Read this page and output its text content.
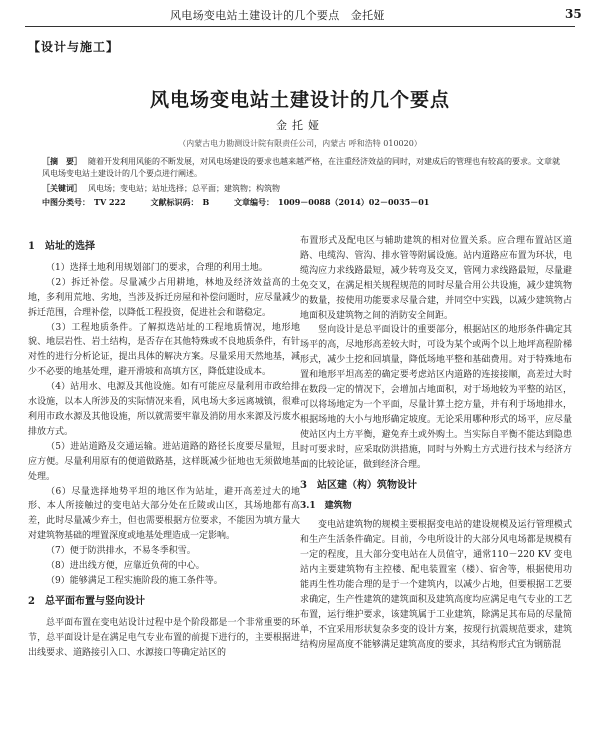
风电场变电站土建设计的几个要点　金托娅	35
【设计与施工】
风电场变电站土建设计的几个要点
金托娅
（内蒙古电力勘测设计院有限责任公司，内蒙古 呼和浩特 010020）
［摘　要］ 随着开发利用风能的不断发展，对风电场建设的要求也越来越严格，在注重经济效益的同时，对建成后的管理也有较高的要求。文章就风电场变电站土建设计的几个要点进行阐述。
［关键词］ 风电场；变电站；站址选择；总平面；建筑物；构筑物
中图分类号： TV 222	文献标识码： B	文章编号： 1009－0088（2014）02－0035－01
1　站址的选择

（1）选择土地利用规划部门的要求，合理的利用土地。

（2）拆迁补偿。尽量减少占用耕地，林地及经济效益高的土地，多利用荒地、劣地，当涉及拆迁房屋和补偿问题时，应尽量减少拆迁范围，合理补偿，以降低工程投资，促进社会和谐稳定。

（3）工程地质条件。了解拟选站址的工程地质情况，地形地貌、地层岩性、岩土结构，是否存在其他特殊或不良地质条件，有针对性的进行分析论证，提出具体的解决方案。尽量采用天然地基，减少不必要的地基处理，避开滑坡和高填方区，降低建设成本。

（4）站用水、电源及其他设施。如有可能应尽量利用市政给排水设施，以本人所涉及的实际情况来看，风电场大多远离城镇，很难利用市政水源及其他设施，所以就需要牢靠及消防用水来源及污废水排放方式。

（5）进站道路及交通运输。进站道路的路径长度要尽量短，且应方便。尽量利用原有的便道做路基，这样既减少征地也无须做地基处理。

（6）尽量选择地势平坦的地区作为站址，避开高差过大的地形、本人所接触过的变电站大部分处在丘陵或山区，其场地都有高差，此时尽量减少弃土，但也需要根据方位要求，不能因为填方量大对建筑物基础的埋置深度或地基处理造成一定影响。

（7）便于防洪排水，不易冬季积雪。

（8）进出线方便，应靠近负荷的中心。

（9）能够满足工程实施阶段的施工条件等。

2　总平面布置与竖向设计

总平面布置在变电站设计过程中是个阶段都是一个非常重要的环节，总平面设计是在满足电气专业布置的前提下进行的，主要根据进出线要求、道路接引入口、水源接口等确定站区的

布置形式及配电区与辅助建筑的相对位置关系。应合理布置站区道路、电缆沟、管沟、排水管等附属设施。站内道路应布置为环状，电缆沟应力求线路最短，减少转弯及交叉，管网力求线路最短，尽量避免交叉，在满足相关规程规范的同时尽量合用公共设施，减少建筑物的数量，按使用功能要求尽量合建，并同空中实践，以减少建筑物占地面积及建筑物之间的消防安全间距。

竖向设计是总平面设计的重要部分，根据站区的地形条件确定其场平的高，尽地形高差较大时，可设为某个或两个以上地坪高程阶梯形式，减少土挖和回填量，降低场地平整和基础费用。对于特殊地布置和地形平坦高差的确定要考虑站区内道路的连接接顺，高差过大时在数段一定的情况下，会增加占地面积，对于场地较为平整的站区，可以将场地定为一个平面，尽量计算土挖方量，并有利于场地排水，根据场地的大小与地形确定坡度。无论采用哪种形式的场平，应尽量使站区内土方平衡，避免弃土或外购土。当实际自平衡不能达到隐患时可要求时，应采取防洪措施，同时与外购土方式进行技术与经济方面的比较论证，做到经济合理。

3　站区建（构）筑物设计
3.1　建筑物

变电站建筑物的规模主要根据变电站的建设规模及运行管理模式和生产生活条件确定。目前，今电所设计的大部分风电场都是规模有一定的程度，且大部分变电站在人员值守，通常110－220 KV 变电站内主要建筑物有主控楼、配电装置室（楼）、宿舍等，根据使用功能再生性功能合理的是于一个建筑内，以减少占地，但要根据工艺要求确定，生产性建筑的建筑面积及建筑高度均应满足电气专业的工艺布置，运行维护要求，该建筑属于工业建筑，除满足其布局的尽量简单，不宜采用形状复杂多变的设计方案，按现行抗震规范要求，建筑结构房屋高度不能够满足建筑高度的要求，其结构形式宜为钢筋混
